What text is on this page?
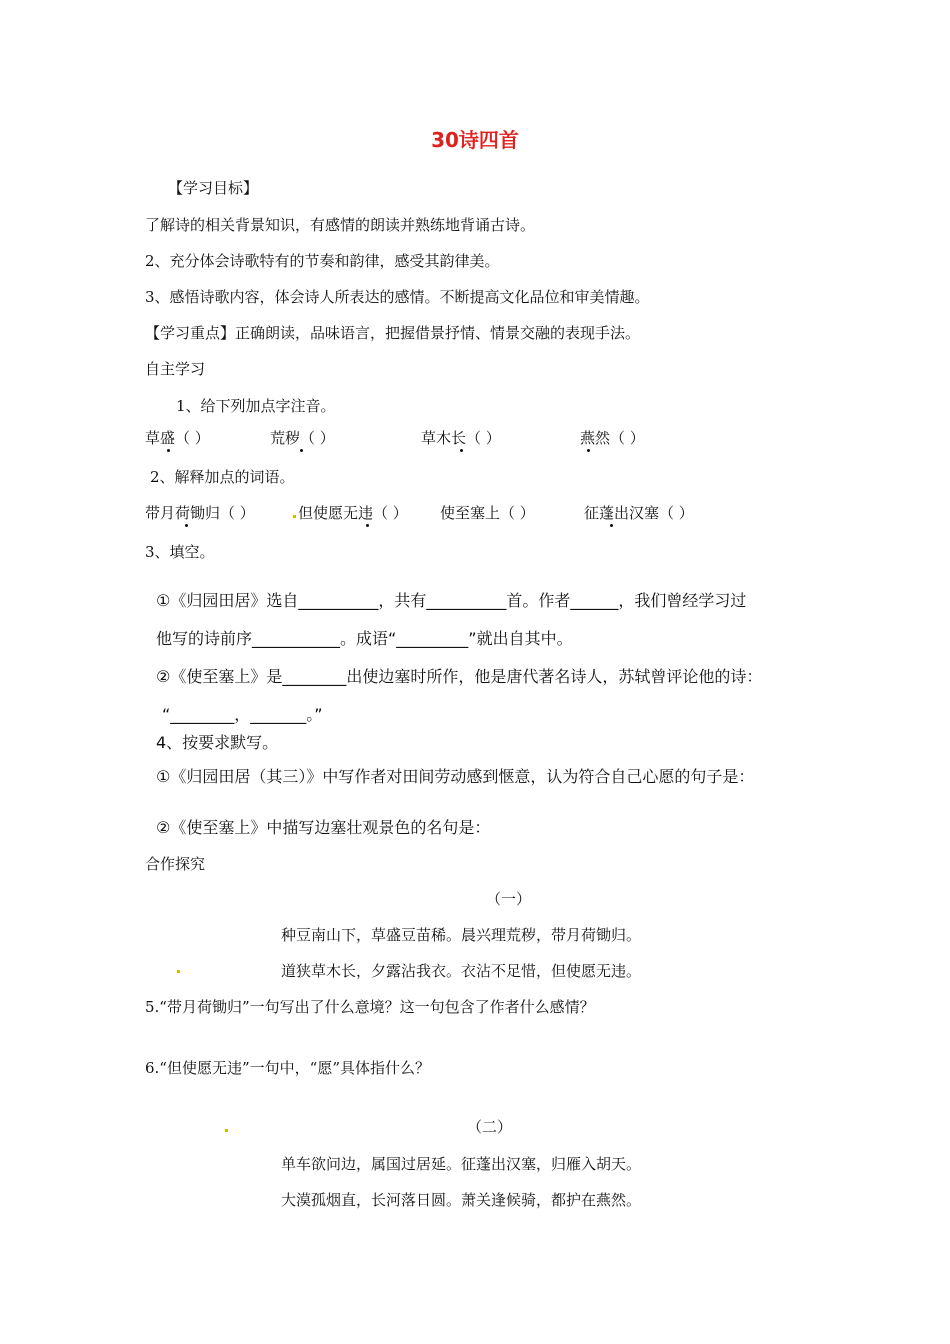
30诗四首
【学习目标】
了解诗的相关背景知识，有感情的朗读并熟练地背诵古诗。
2、充分体会诗歌特有的节奏和韵律，感受其韵律美。
3、感悟诗歌内容，体会诗人所表达的感情。不断提高文化品位和审美情趣。
【学习重点】正确朗读，品味语言，把握借景抒情、情景交融的表现手法。
自主学习
1、给下列加点字注音。
草盛（ ）	荒秽（ ）	草木长（ ）	燕然（ ）
2、解释加点的词语。
带月荷锄归（ ）	但使愿无违（ ） 使至塞上（ ）	征蓬出汉塞（ ）
3、填空。
①《归园田居》选自__________，共有__________首。作者______，我们曾经学习过
他写的诗前序___________。成语“_________”就出自其中。
②《使至塞上》是________出使边塞时所作，他是唐代著名诗人，苏轼曾评论他的诗：
“________，_______。”
4、按要求默写。
①《归园田居（其三）》中写作者对田间劳动感到惬意，认为符合自己心愿的句子是：
②《使至塞上》中描写边塞壮观景色的名句是：
合作探究
（一）
种豆南山下，草盛豆苗稀。晨兴理荒秽，带月荷锄归。
道狭草木长，夕露沾我衣。衣沾不足惜，但使愿无违。
5.“带月荷锄归”一句写出了什么意境？这一句包含了作者什么感情？
6.“但使愿无违”一句中，“愿”具体指什么？
（二）
单车欲问边，属国过居延。征蓬出汉塞，归雁入胡天。
大漠孤烟直，长河落日圆。萧关逢候骑，都护在燕然。
